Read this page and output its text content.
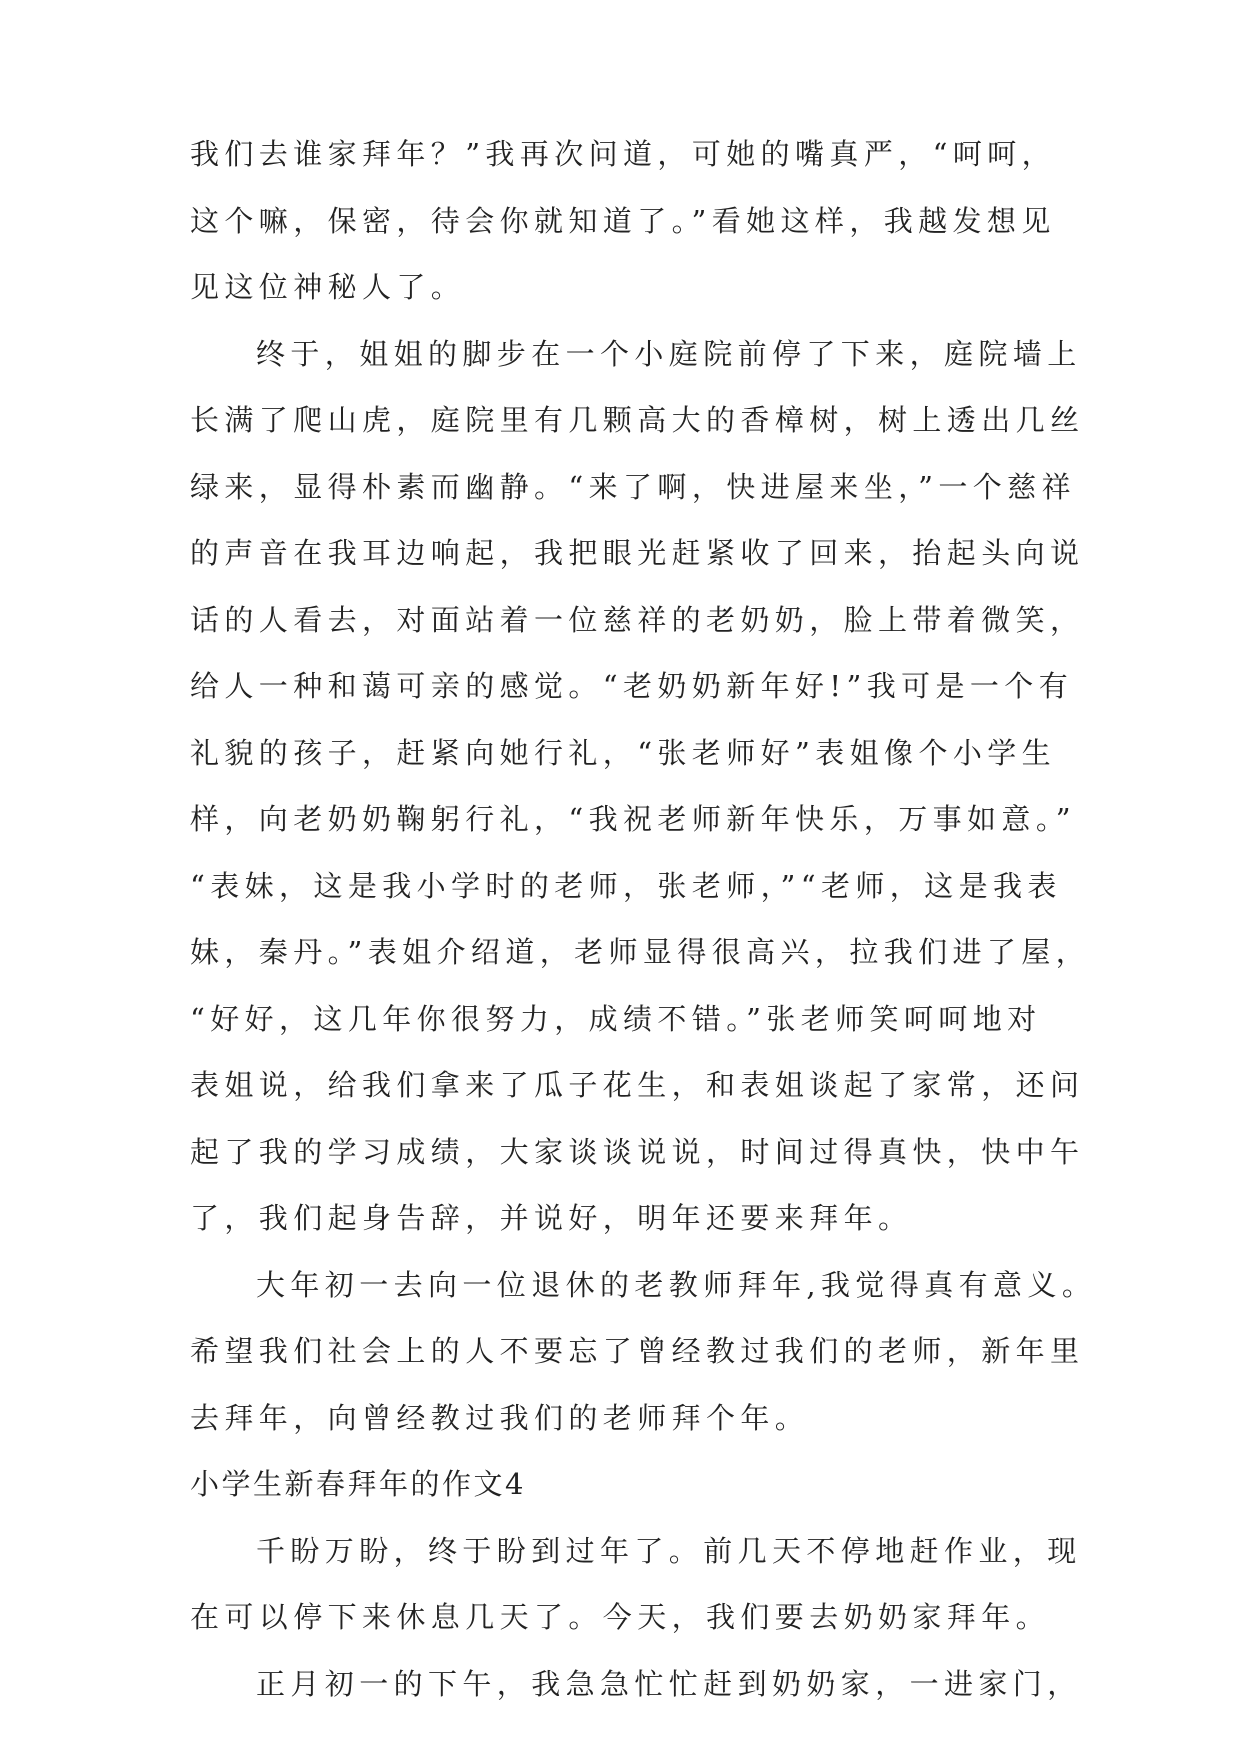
我们去谁家拜年？”我再次问道，可她的嘴真严，“呵呵，

这个嘛，保密，待会你就知道了。”看她这样，我越发想见

见这位神秘人了。

终于，姐姐的脚步在一个小庭院前停了下来，庭院墙上

长满了爬山虎，庭院里有几颗高大的香樟树，树上透出几丝

绿来，显得朴素而幽静。“来了啊，快进屋来坐，”一个慈祥

的声音在我耳边响起，我把眼光赶紧收了回来，抬起头向说

话的人看去，对面站着一位慈祥的老奶奶，脸上带着微笑，

给人一种和蔼可亲的感觉。“老奶奶新年好!”我可是一个有

礼貌的孩子，赶紧向她行礼，“张老师好”表姐像个小学生

样，向老奶奶鞠躬行礼，“我祝老师新年快乐，万事如意。”

“表妹，这是我小学时的老师，张老师，”“老师，这是我表

妹，秦丹。”表姐介绍道，老师显得很高兴，拉我们进了屋，

“好好，这几年你很努力，成绩不错。”张老师笑呵呵地对

表姐说，给我们拿来了瓜子花生，和表姐谈起了家常，还问

起了我的学习成绩，大家谈谈说说，时间过得真快，快中午

了，我们起身告辞，并说好，明年还要来拜年。

大年初一去向一位退休的老教师拜年,我觉得真有意义。

希望我们社会上的人不要忘了曾经教过我们的老师，新年里

去拜年，向曾经教过我们的老师拜个年。

小学生新春拜年的作文4

千盼万盼，终于盼到过年了。前几天不停地赶作业，现

在可以停下来休息几天了。今天，我们要去奶奶家拜年。

正月初一的下午，我急急忙忙赶到奶奶家，一进家门，
